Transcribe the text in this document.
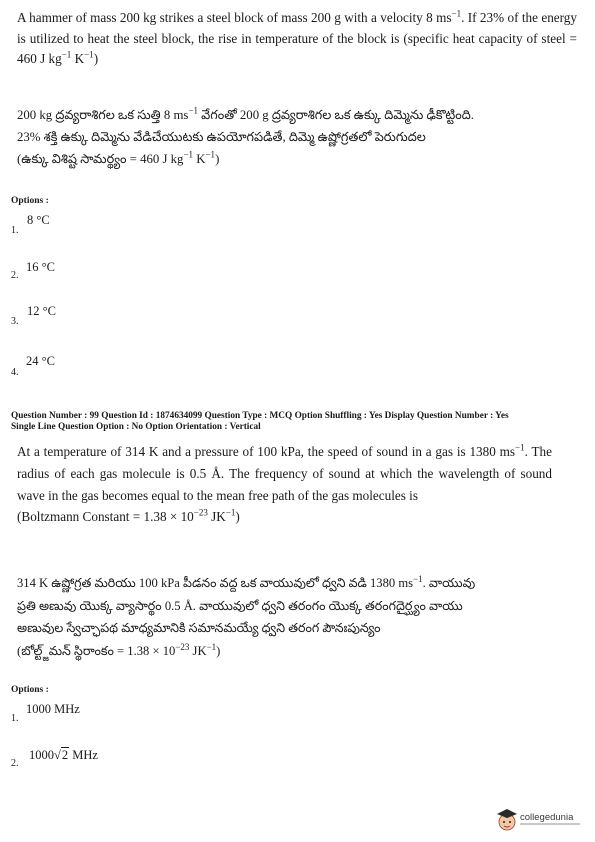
A hammer of mass 200 kg strikes a steel block of mass 200 g with a velocity 8 $ms^{-1}$. If 23% of the energy is utilized to heat the steel block, the rise in temperature of the block is (specific heat capacity of steel = 460 J $kg^{-1}$ $K^{-1}$)

200 kg ద్రవ్యరాశిగల ఒక సుత్తి 8 $ms^{-1}$ వేగంతో 200 g ద్రవ్యరాశిగల ఒక ఉక్కు దిమ్మెను ఢీకొట్టింది.

23% శక్తి ఉక్కు దిమ్మెను వేడిచేయుటకు ఉపయోగపడితే, దిమ్మె ఉష్ణోగ్రతలో పెరుగుదల

(ఉక్కు విశిష్ట సామర్థ్యం = 460 J $kg^{-1}$ $K^{-1}$)

Options :
8 °C
1.
16 °C
2.
12 °C
3.
24 °C
4.
Question Number : 99 Question Id : 1874634099 Question Type : MCQ Option Shuffling : Yes Display Question Number : Yes
Single Line Question Option : No Option Orientation : Vertical
At a temperature of 314 K and a pressure of 100 kPa, the speed of sound in a gas is 1380 $ms^{-1}$. The radius of each gas molecule is 0.5 Å. The frequency of sound at which the wavelength of sound wave in the gas becomes equal to the mean free path of the gas molecules is
(Boltzmann Constant = $1.38 \times 10^{-23}$ $JK^{-1}$)

314 K ఉష్ణోగ్రత మరియు 100 kPa పీడనం వద్ద ఒక వాయువులో ధ్వని వడి 1380 $ms^{-1}$. వాయువు

ప్రతి అణువు యొక్క వ్యాసార్థం 0.5 Å. వాయువులో ధ్వని తరంగం యొక్క తరంగదైర్ఘ్యం వాయు

అణువుల స్వేచ్ఛాపథ మాధ్యమానికి సమానమయ్యే ధ్వని తరంగ పౌనఃపున్యం

(బోల్ట్జ్‌మన్ స్థిరాంకం = $1.38 \times 10^{-23}$ $JK^{-1}$)

Options :
1000 MHz
1.
1000√2 MHz
2.
collegedunia
